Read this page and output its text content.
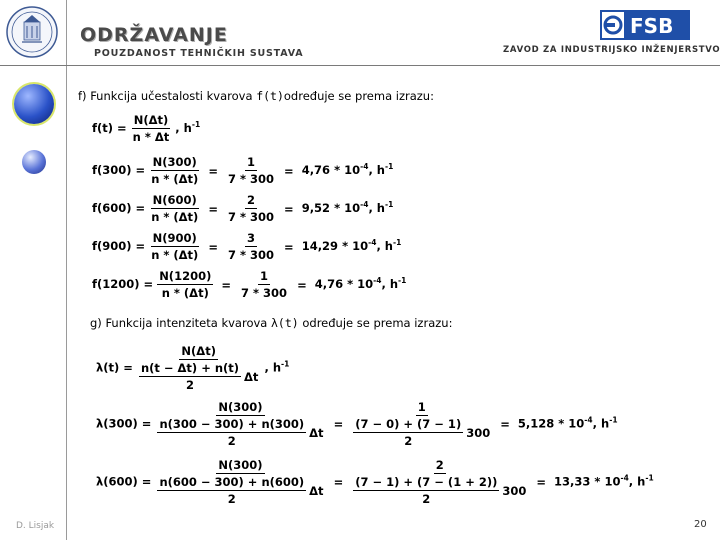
ODRŽAVANJE
POUZDANOST TEHNIČKIH SUSTAVA
FSB
ZAVOD ZA INDUSTRIJSKO INŽENJERSTVO
f) Funkcija učestalosti kvarova f(t)određuje se prema izrazu:
$f(t) = \frac{N(\Delta t)}{n * \Delta t}$ , $h^{-1}$
$f(300) = \frac{N(300)}{n * (\Delta t)} = \frac{1}{7 * 300} = 4,76 * 10^{-4}$, $h^{-1}$
$f(600) = \frac{N(600)}{n * (\Delta t)} = \frac{2}{7 * 300} = 9,52 * 10^{-4}$, $h^{-1}$
$f(900) = \frac{N(900)}{n * (\Delta t)} = \frac{3}{7 * 300} = 14,29 * 10^{-4}$, $h^{-1}$
$f(1200) = \frac{N(1200)}{n * (\Delta t)} = \frac{1}{7 * 300} = 4,76 * 10^{-4}$, $h^{-1}$
g) Funkcija intenziteta kvarova λ(t) određuje se prema izrazu:
$\lambda(t) = \frac{N(\Delta t)}{\frac{n(t - \Delta t) + n(t)}{2} \Delta t}$ , $h^{-1}$
$\lambda(300) = \frac{N(300)}{\frac{n(300 - 300) + n(300)}{2} \Delta t} = \frac{1}{\frac{(7 - 0) + (7 - 1)}{2} 300} = 5,128 * 10^{-4}$, $h^{-1}$
$\lambda(600) = \frac{N(300)}{\frac{n(600 - 300) + n(600)}{2} \Delta t} = \frac{2}{\frac{(7 - 1) + (7 - (1 + 2))}{2} 300} = 13,33 * 10^{-4}$, $h^{-1}$
D. Lisjak	20
